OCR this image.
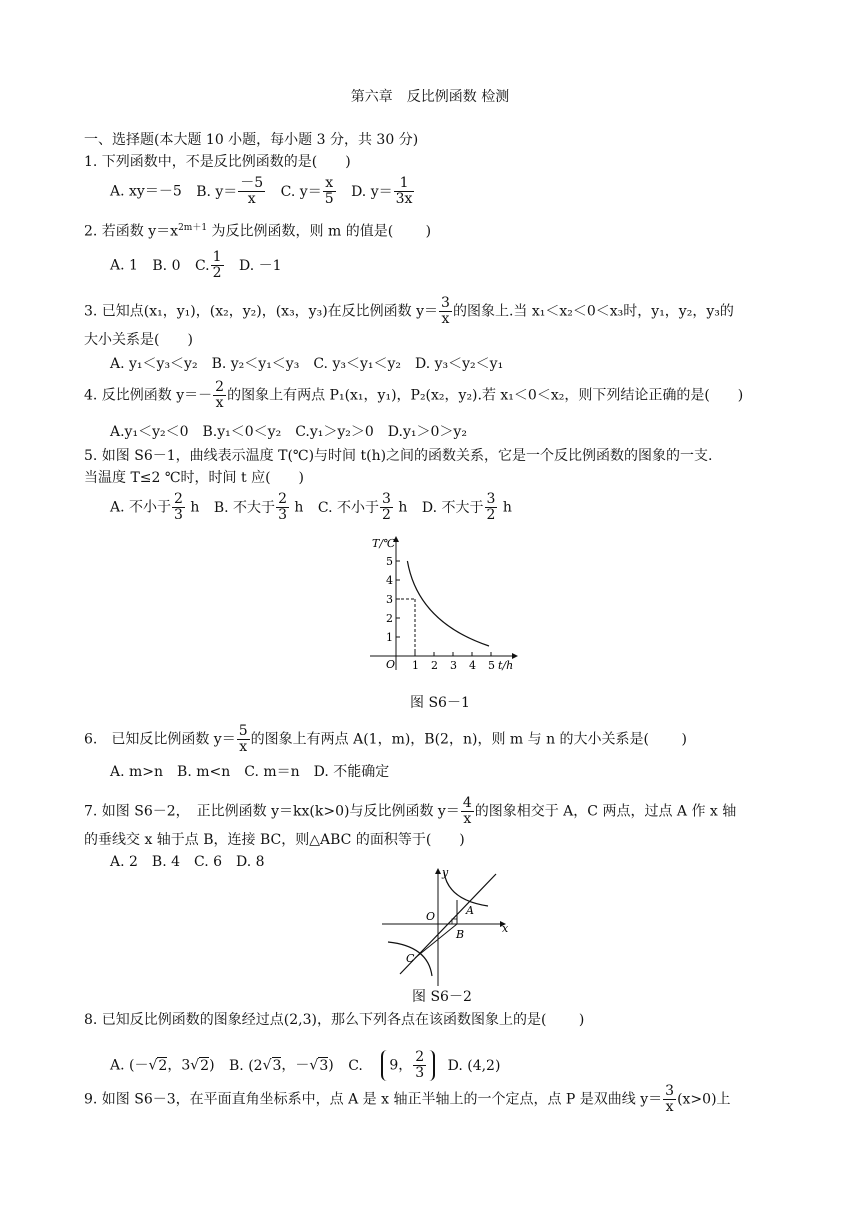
第六章　反比例函数 检测
一、选择题(本大题 10 小题，每小题 3 分，共 30 分)
1. 下列函数中，不是反比例函数的是(　　)
A. xy＝－5 B. $y= \frac{-5}{x} C$. $y= \frac{x}{5} D$. $y= \frac{1}{3x}$
2. 若函数 $y=x^{2m+1}$ 为反比例函数，则 m 的值是(　　 )
A. 1 B. 0 C. $\frac{1}{2} D$. －1
3. 已知点(x₁，y₁)，(x₂，y₂)，(x₃，y₃)在反比例函数 $y= \frac{3}{x}$ 的图象上.当 x₁＜x₂＜0＜x₃时，y₁，y₂，y₃的
大小关系是(　　)
A. y₁＜y₃＜y₂　B. y₂＜y₁＜y₃　C. y₃＜y₁＜y₂　D. y₃＜y₂＜y₁
4. 反比例函数 $y=- \frac{2}{x}$ 的图象上有两点 P₁(x₁，y₁)，P₂(x₂，y₂).若 x₁＜0＜x₂，则下列结论正确的是(　　)
A.y₁＜y₂＜0　B.y₁＜0＜y₂　C.y₁＞y₂＞0　D.y₁＞0＞y₂
5. 如图 S6－1，曲线表示温度 T(℃)与时间 t(h)之间的函数关系，它是一个反比例函数的图象的一支.
当温度 T≤2 ℃时，时间 t 应(　　)
A. 不小于 $\frac{2}{3}$ h B. 不大于 $\frac{2}{3}$ h C. 不小于 $\frac{3}{2}$ h D. 不大于 $\frac{3}{2}$ h
T/℃
O	t/h
1
2
3
4
5
1 2 3 4 5
图 S6－1
6.　已知反比例函数 $y= \frac{5}{x}$ 的图象上有两点 A(1，m)，B(2，n)，则 m 与 n 的大小关系是(　　 )
A. m>n　B. m<n　C. m＝n　D. 不能确定
7. 如图 S6－2，　正比例函数 y＝kx(k>0)与反比例函数 $y= \frac{4}{x}$ 的图象相交于 A，C 两点，过点 A 作 x 轴
的垂线交 x 轴于点 B，连接 BC，则△ABC 的面积等于(　　)
A. 2　B. 4　C. 6　D. 8
y
x
O	A
B
C
图 S6－2
8. 已知反比例函数的图象经过点(2,3)，那么下列各点在该函数图象上的是(　　 )
A. (－√2，3√2) B. (2√3，－√3) C. 9， $\frac{2}{3} D$. (4,2)
9. 如图 S6－3，在平面直角坐标系中，点 A 是 x 轴正半轴上的一个定点，点 P 是双曲线 $y= \frac{3}{x} (x>0)$上
